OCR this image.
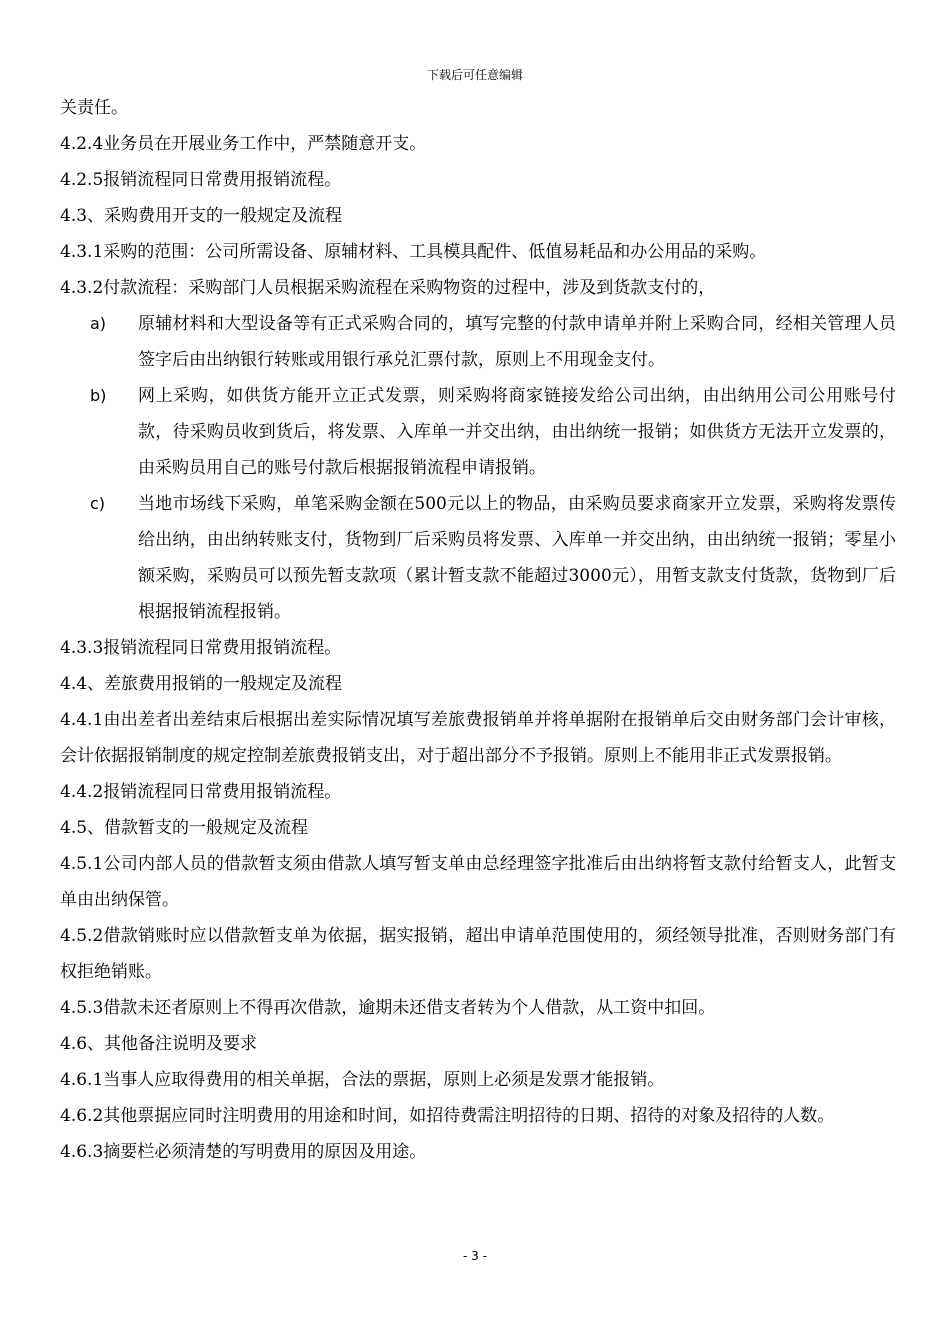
下载后可任意编辑

关责任。

4.2.4业务员在开展业务工作中，严禁随意开支。

4.2.5报销流程同日常费用报销流程。

4.3、采购费用开支的一般规定及流程

4.3.1采购的范围：公司所需设备、原辅材料、工具模具配件、低值易耗品和办公用品的采购。

4.3.2付款流程：采购部门人员根据采购流程在采购物资的过程中，涉及到货款支付的，

a) 原辅材料和大型设备等有正式采购合同的，填写完整的付款申请单并附上采购合同，经相关管理人员签字后由出纳银行转账或用银行承兑汇票付款，原则上不用现金支付。
b) 网上采购，如供货方能开立正式发票，则采购将商家链接发给公司出纳，由出纳用公司公用账号付款，待采购员收到货后，将发票、入库单一并交出纳，由出纳统一报销；如供货方无法开立发票的，由采购员用自己的账号付款后根据报销流程申请报销。
c) 当地市场线下采购，单笔采购金额在500元以上的物品，由采购员要求商家开立发票，采购将发票传给出纳，由出纳转账支付，货物到厂后采购员将发票、入库单一并交出纳，由出纳统一报销；零星小额采购，采购员可以预先暂支款项（累计暂支款不能超过3000元），用暂支款支付货款，货物到厂后根据报销流程报销。

4.3.3报销流程同日常费用报销流程。

4.4、差旅费用报销的一般规定及流程

4.4.1由出差者出差结束后根据出差实际情况填写差旅费报销单并将单据附在报销单后交由财务部门会计审核，会计依据报销制度的规定控制差旅费报销支出，对于超出部分不予报销。原则上不能用非正式发票报销。

4.4.2报销流程同日常费用报销流程。

4.5、借款暂支的一般规定及流程

4.5.1公司内部人员的借款暂支须由借款人填写暂支单由总经理签字批准后由出纳将暂支款付给暂支人，此暂支单由出纳保管。

4.5.2借款销账时应以借款暂支单为依据，据实报销，超出申请单范围使用的，须经领导批准，否则财务部门有权拒绝销账。

4.5.3借款未还者原则上不得再次借款，逾期未还借支者转为个人借款，从工资中扣回。

4.6、其他备注说明及要求

4.6.1当事人应取得费用的相关单据，合法的票据，原则上必须是发票才能报销。

4.6.2其他票据应同时注明费用的用途和时间，如招待费需注明招待的日期、招待的对象及招待的人数。

4.6.3摘要栏必须清楚的写明费用的原因及用途。

- 3 -
